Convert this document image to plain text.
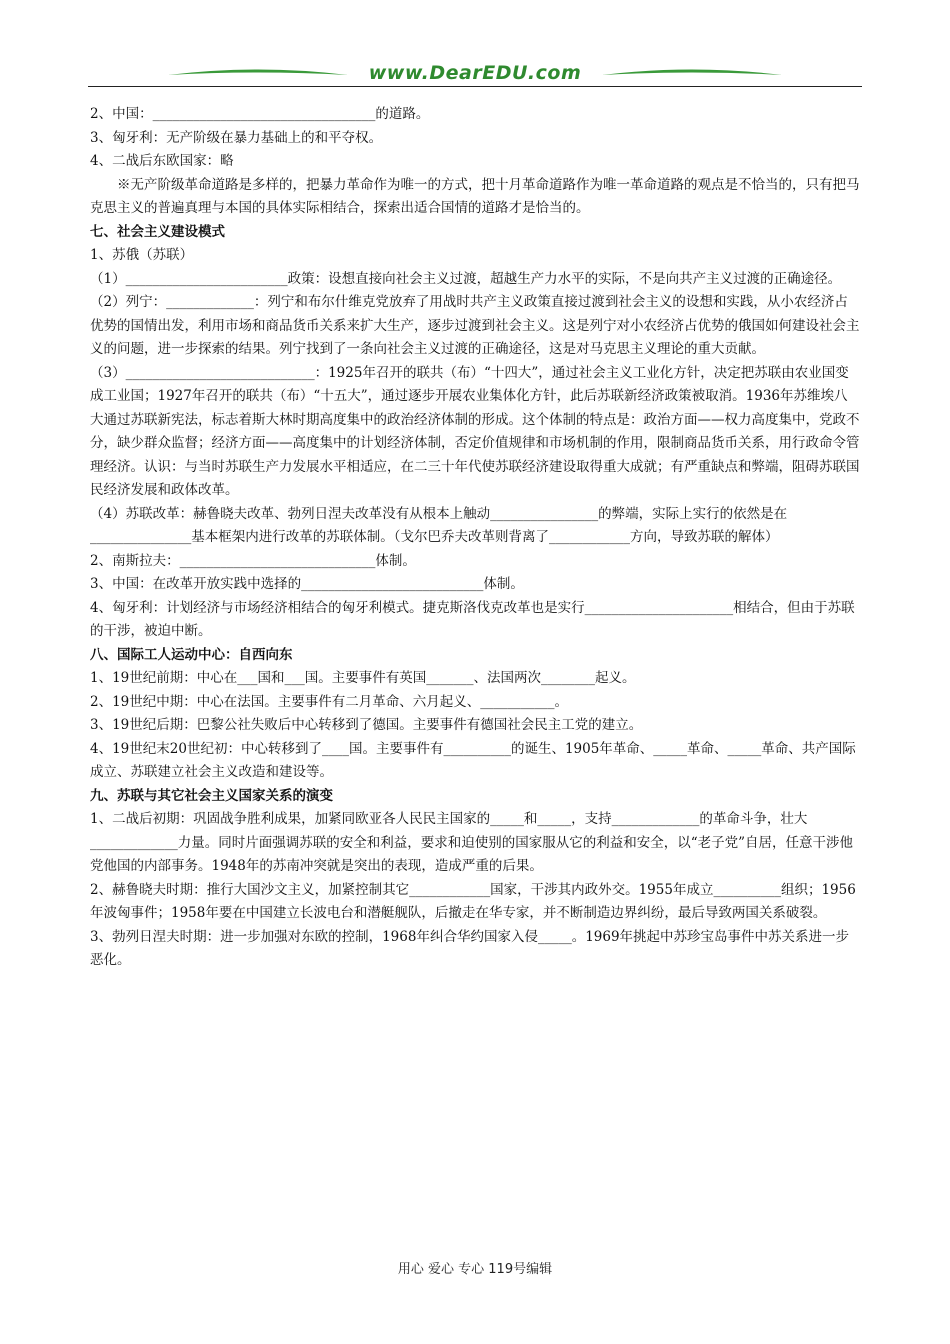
www.DearEDU.com

2、中国：_________________________________的道路。

3、匈牙利：无产阶级在暴力基础上的和平夺权。

4、二战后东欧国家：略

※无产阶级革命道路是多样的，把暴力革命作为唯一的方式，把十月革命道路作为唯一革命道路的观点是不恰当的，只有把马克思主义的普遍真理与本国的具体实际相结合，探索出适合国情的道路才是恰当的。

七、社会主义建设模式

1、苏俄（苏联）

（1）________________________政策：设想直接向社会主义过渡，超越生产力水平的实际，不是向共产主义过渡的正确途径。

（2）列宁：_____________：列宁和布尔什维克党放弃了用战时共产主义政策直接过渡到社会主义的设想和实践，从小农经济占优势的国情出发，利用市场和商品货币关系来扩大生产，逐步过渡到社会主义。这是列宁对小农经济占优势的俄国如何建设社会主义的问题，进一步探索的结果。列宁找到了一条向社会主义过渡的正确途径，这是对马克思主义理论的重大贡献。

（3）____________________________：1925年召开的联共（布）“十四大”，通过社会主义工业化方针，决定把苏联由农业国变成工业国；1927年召开的联共（布）“十五大”，通过逐步开展农业集体化方针，此后苏联新经济政策被取消。1936年苏维埃八大通过苏联新宪法，标志着斯大林时期高度集中的政治经济体制的形成。这个体制的特点是：政治方面——权力高度集中，党政不分，缺少群众监督；经济方面——高度集中的计划经济体制，否定价值规律和市场机制的作用，限制商品货币关系，用行政命令管理经济。认识：与当时苏联生产力发展水平相适应，在二三十年代使苏联经济建设取得重大成就；有严重缺点和弊端，阻碍苏联国民经济发展和政体改革。

（4）苏联改革：赫鲁晓夫改革、勃列日涅夫改革没有从根本上触动________________的弊端，实际上实行的依然是在_______________基本框架内进行改革的苏联体制。（戈尔巴乔夫改革则背离了____________方向，导致苏联的解体）

2、南斯拉夫：_____________________________体制。

3、中国：在改革开放实践中选择的___________________________体制。

4、匈牙利：计划经济与市场经济相结合的匈牙利模式。捷克斯洛伐克改革也是实行______________________相结合，但由于苏联的干涉，被迫中断。

八、国际工人运动中心：自西向东

1、19世纪前期：中心在___国和___国。主要事件有英国_______、法国两次________起义。

2、19世纪中期：中心在法国。主要事件有二月革命、六月起义、___________。

3、19世纪后期：巴黎公社失败后中心转移到了德国。主要事件有德国社会民主工党的建立。

4、19世纪末20世纪初：中心转移到了____国。主要事件有__________的诞生、1905年革命、_____革命、_____革命、共产国际成立、苏联建立社会主义改造和建设等。

九、苏联与其它社会主义国家关系的演变

1、二战后初期：巩固战争胜利成果，加紧同欧亚各人民民主国家的_____和_____，支持_____________的革命斗争，壮大_____________力量。同时片面强调苏联的安全和利益，要求和迫使别的国家服从它的利益和安全，以“老子党”自居，任意干涉他党他国的内部事务。1948年的苏南冲突就是突出的表现，造成严重的后果。

2、赫鲁晓夫时期：推行大国沙文主义，加紧控制其它____________国家，干涉其内政外交。1955年成立__________组织；1956年波匈事件；1958年要在中国建立长波电台和潜艇舰队，后撤走在华专家，并不断制造边界纠纷，最后导致两国关系破裂。

3、勃列日涅夫时期：进一步加强对东欧的控制，1968年纠合华约国家入侵_____。1969年挑起中苏珍宝岛事件中苏关系进一步恶化。

用心 爱心 专心 119号编辑
